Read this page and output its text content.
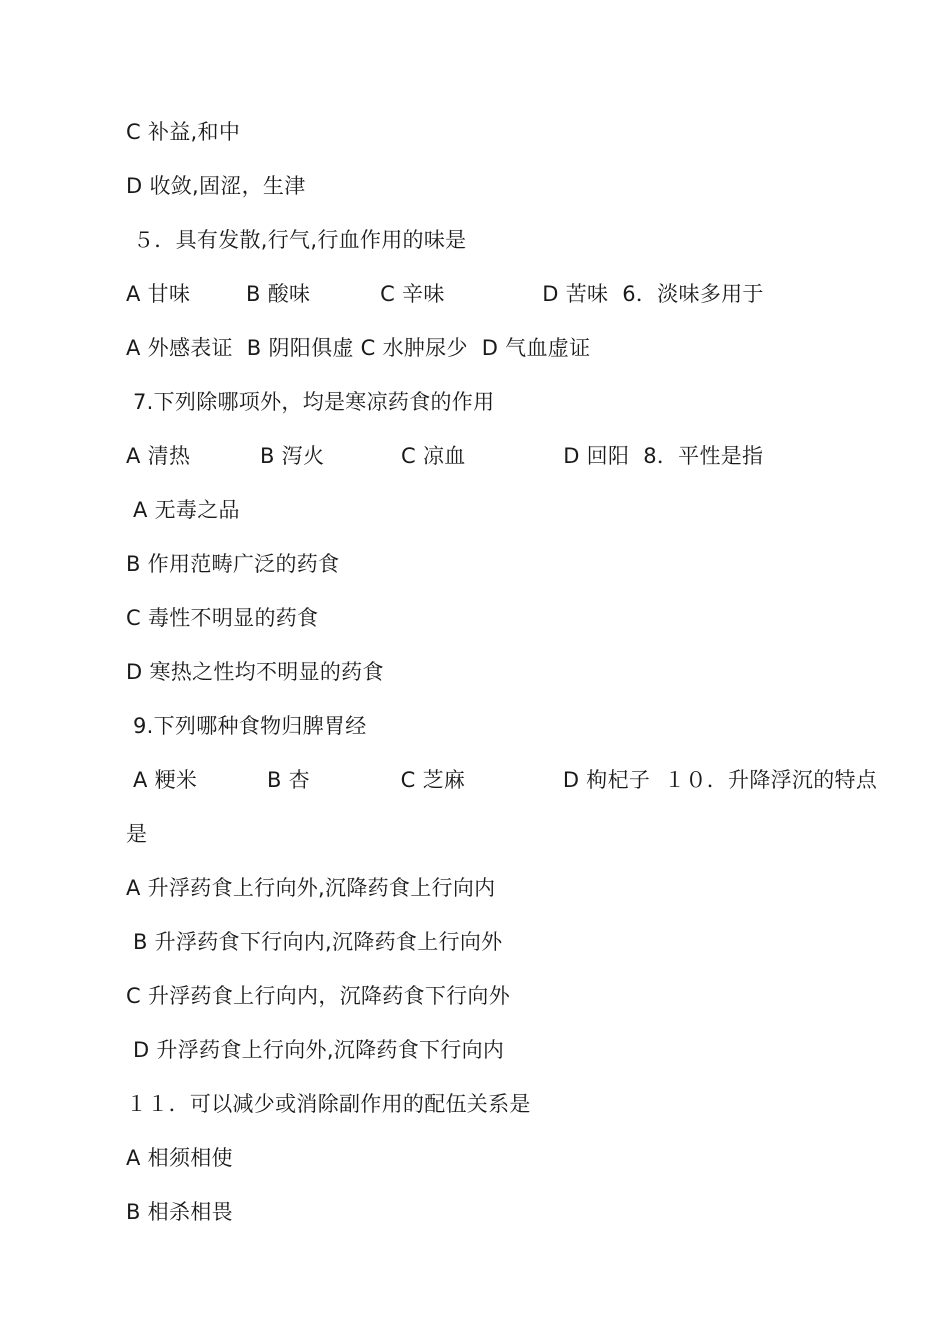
C 补益,和中
D 收敛,固涩，生津
５．具有发散,行气,行血作用的味是
A 甘味        B 酸味          C 辛味              D 苦味  6．淡味多用于
A 外感表证  B 阴阳俱虚 C 水肿尿少  D 气血虚证
7.下列除哪项外，均是寒凉药食的作用
A 清热          B 泻火           C 凉血              D 回阳  8．平性是指
A 无毒之品
B 作用范畴广泛的药食
C 毒性不明显的药食
D 寒热之性均不明显的药食
9.下列哪种食物归脾胃经
A 粳米          B 杏             C 芝麻              D 枸杞子  １０．升降浮沉的特点
是
A 升浮药食上行向外,沉降药食上行向内
B 升浮药食下行向内,沉降药食上行向外
C 升浮药食上行向内，沉降药食下行向外
D 升浮药食上行向外,沉降药食下行向内
１１．可以减少或消除副作用的配伍关系是
A 相须相使
B 相杀相畏
